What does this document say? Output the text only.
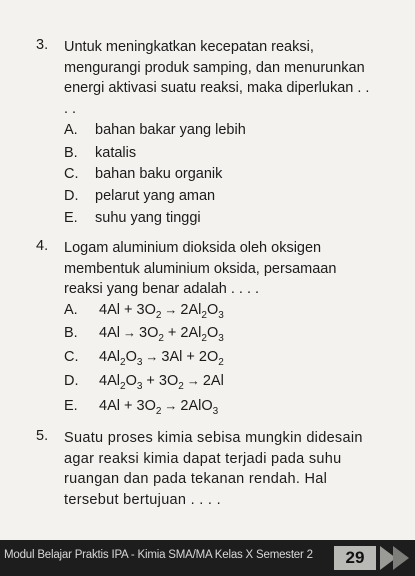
3. Untuk meningkatkan kecepatan reaksi, mengurangi produk samping, dan menurunkan energi aktivasi suatu reaksi, maka diperlukan . . . .

A. bahan bakar yang lebih
B. katalis
C. bahan baku organik
D. pelarut yang aman
E. suhu yang tinggi
4. Logam aluminium dioksida oleh oksigen membentuk aluminium oksida, persamaan reaksi yang benar adalah . . . .

A. $4Al + 3O_2 \to 2Al_2O_3$
B. $4Al \to 3O_2 + 2Al_2O_3$
C. $4Al_2O_3 \to 3Al + 2O_2$
D. $4Al_2O_3 + 3O_2 \to 2Al$
E. $4Al + 3O_2 \to 2AlO_3$
5. Suatu proses kimia sebisa mungkin didesain agar reaksi kimia dapat terjadi pada suhu ruangan dan pada tekanan rendah. Hal tersebut bertujuan . . . .

Modul Belajar Praktis IPA - Kimia SMA/MA Kelas X Semester 2	29
